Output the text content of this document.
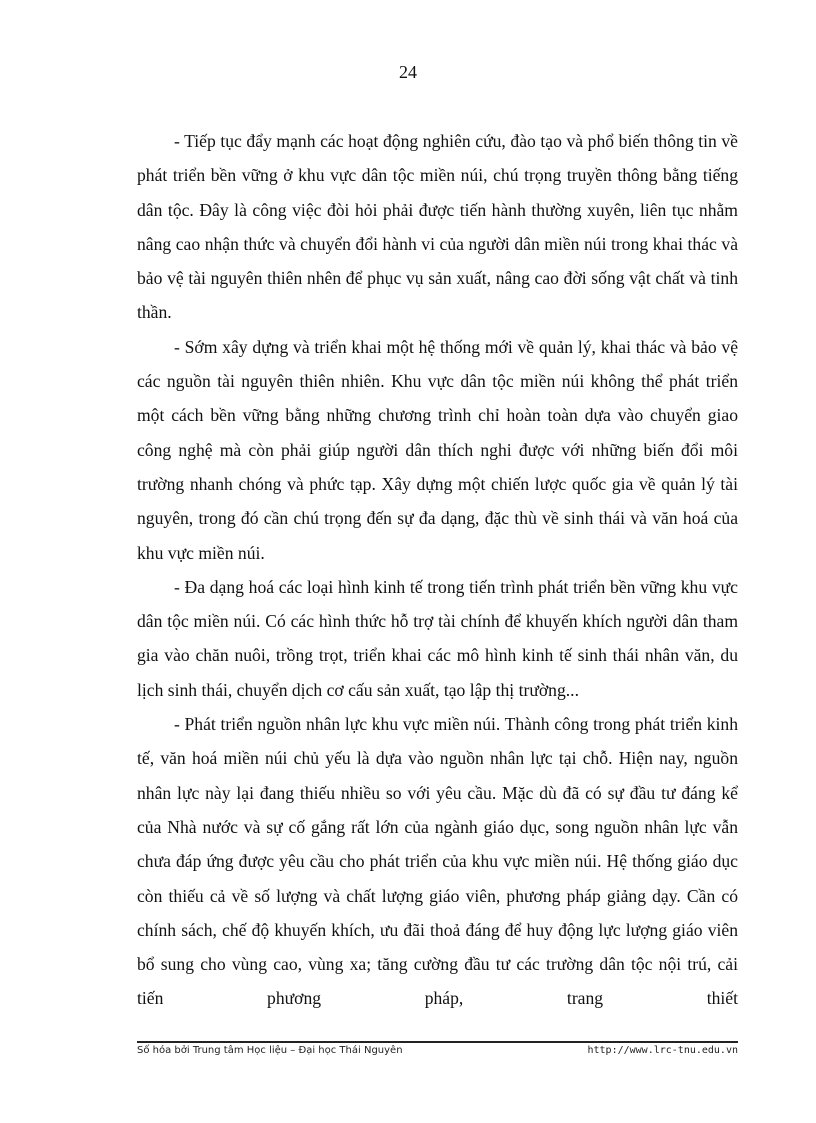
24

- Tiếp tục đẩy mạnh các hoạt động nghiên cứu, đào tạo và phổ biến thông tin về phát triển bền vững ở khu vực dân tộc miền núi, chú trọng truyền thông bằng tiếng dân tộc. Đây là công việc đòi hỏi phải được tiến hành thường xuyên, liên tục nhằm nâng cao nhận thức và chuyển đổi hành vi của người dân miền núi trong khai thác và bảo vệ tài nguyên thiên nhên để phục vụ sản xuất, nâng cao đời sống vật chất và tinh thần.

- Sớm xây dựng và triển khai một hệ thống mới về quản lý, khai thác và bảo vệ các nguồn tài nguyên thiên nhiên. Khu vực dân tộc miền núi không thể phát triển một cách bền vững bằng những chương trình chỉ hoàn toàn dựa vào chuyển giao công nghệ mà còn phải giúp người dân thích nghi được với những biến đổi môi trường nhanh chóng và phức tạp. Xây dựng một chiến lược quốc gia về quản lý tài nguyên, trong đó cần chú trọng đến sự đa dạng, đặc thù về sinh thái và văn hoá của khu vực miền núi.

- Đa dạng hoá các loại hình kinh tế trong tiến trình phát triển bền vững khu vực dân tộc miền núi. Có các hình thức hỗ trợ tài chính để khuyến khích người dân tham gia vào chăn nuôi, trồng trọt, triển khai các mô hình kinh tế sinh thái nhân văn, du lịch sinh thái, chuyển dịch cơ cấu sản xuất, tạo lập thị trường...

- Phát triển nguồn nhân lực khu vực miền núi. Thành công trong phát triển kinh tế, văn hoá miền núi chủ yếu là dựa vào nguồn nhân lực tại chỗ. Hiện nay, nguồn nhân lực này lại đang thiếu nhiều so với yêu cầu. Mặc dù đã có sự đầu tư đáng kể của Nhà nước và sự cố gắng rất lớn của ngành giáo dục, song nguồn nhân lực vẫn chưa đáp ứng được yêu cầu cho phát triển của khu vực miền núi. Hệ thống giáo dục còn thiếu cả về số lượng và chất lượng giáo viên, phương pháp giảng dạy. Cần có chính sách, chế độ khuyến khích, ưu đãi thoả đáng để huy động lực lượng giáo viên bổ sung cho vùng cao, vùng xa; tăng cường đầu tư các trường dân tộc nội trú, cải tiến phương pháp, trang thiết

Số hóa bởi Trung tâm Học liệu – Đại học Thái Nguyên	http://www.lrc-tnu.edu.vn
